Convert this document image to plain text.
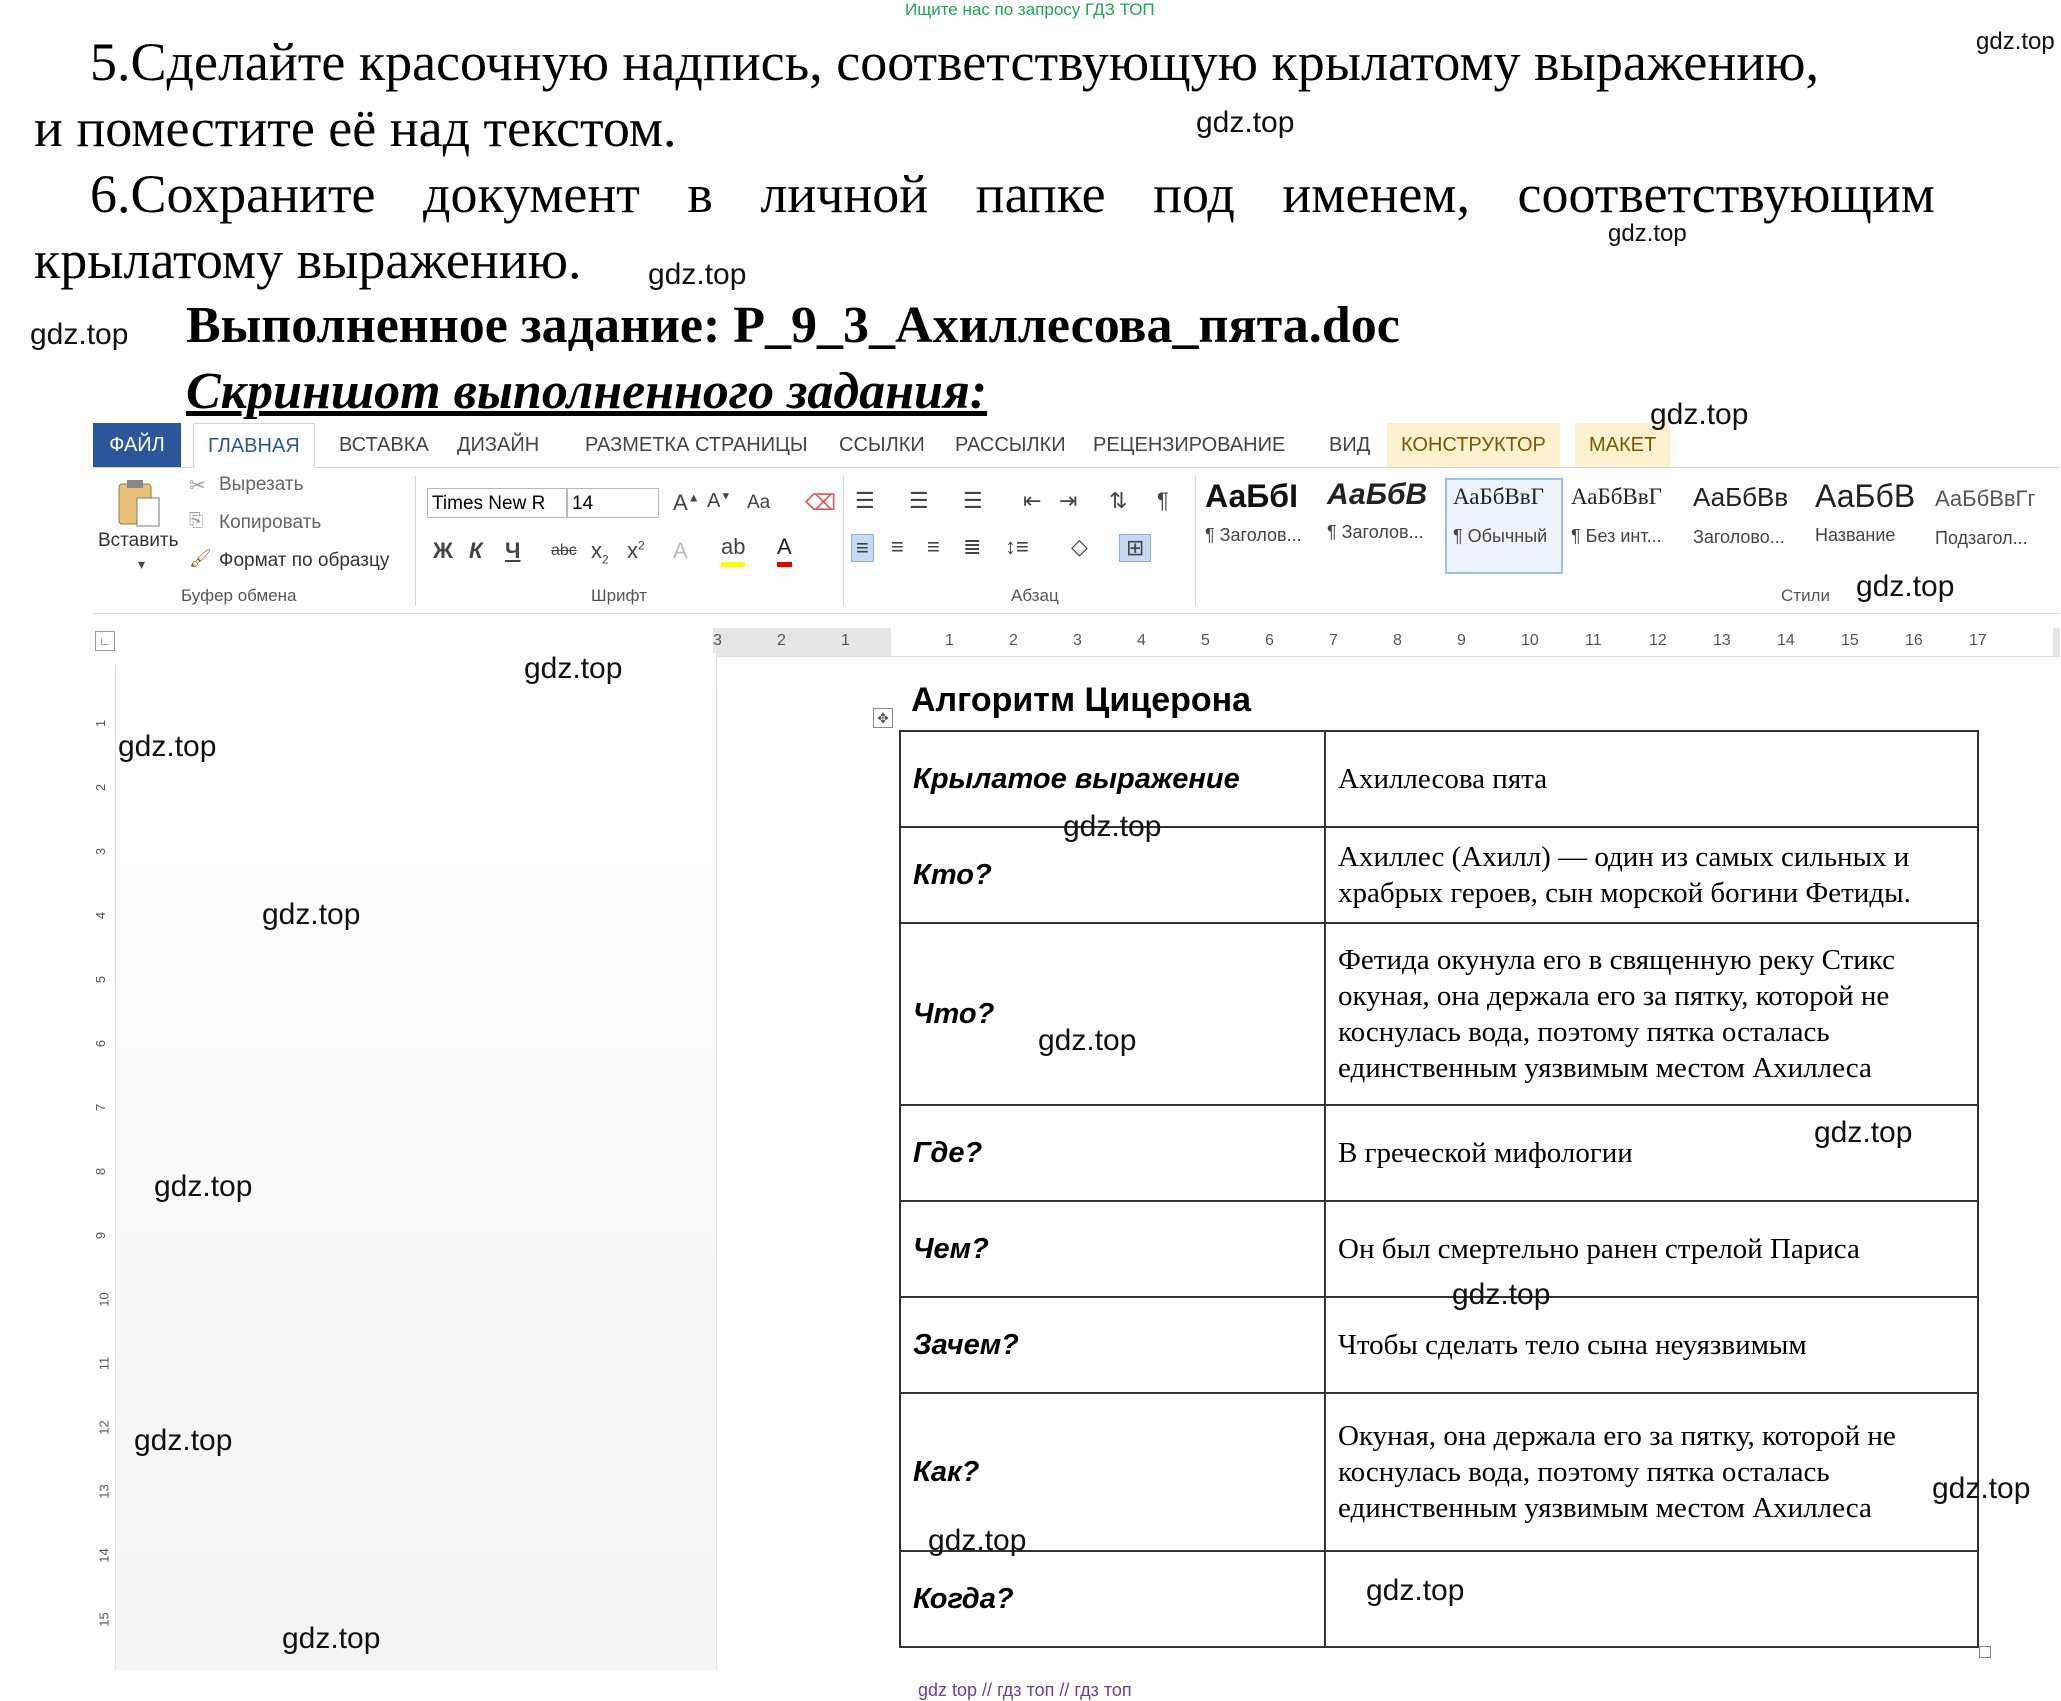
Ищите нас по запросу ГДЗ ТОП
5.Сделайте красочную надпись, соответствующую крылатому выражению,
и поместите её над текстом.
6.Сохраните документ в личной папке под именем, соответствующим
крылатому выражению.
Выполненное задание: P_9_3_Ахиллесова_пята.doc
Скриншот выполненного задания:
ФАЙЛ	ГЛАВНАЯ	ВСТАВКА	ДИЗАЙН	РАЗМЕТКА СТРАНИЦЫ	ССЫЛКИ	РАССЫЛКИ	РЕЦЕНЗИРОВАНИЕ	ВИД	КОНСТРУКТОР	МАКЕТ
Вставить
▾
✂ Вырезать
⎘ Копировать
🖌 Формат по образцу
Буфер обмена
Times New R	14	A▲ A▼ Aa ⌫
Ж К Ч abc $x_2$ $x^2$ A ab A
Шрифт
☰ ☰ ☰ ⇤ ⇥ ⇅ ¶
≡ ≡ ≡ ≣ ↕≡ ◇	⊞
Абзац
АаБбІ
¶ Заголов...
АаБбВ
¶ Заголов...
АаБбВвГ
¶ Обычный
АаБбВвГ
¶ Без инт...
АаБбВв
Заголово...
АаБбВ
Название
АаБбВвГг
Подзагол...
Стили
∟	3	2	1	1	2	3	4	5	6	7	8	9	10	11	12	13	14	15	16	17
1
2
3
4
5
6
7
8
9
10
11
12
13
14
15
✥ Алгоритм Цицерона
Крылатое выражение	Ахиллесова пята
Кто?	Ахиллес (Ахилл) — один из самых сильных и храбрых героев, сын морской богини Фетиды.
Что?	Фетида окунула его в священную реку Стикс окуная, она держала его за пятку, которой не коснулась вода, поэтому пятка осталась единственным уязвимым местом Ахиллеса
Где?	В греческой мифологии
Чем?	Он был смертельно ранен стрелой Париса
Зачем?	Чтобы сделать тело сына неуязвимым
Как?	Окуная, она держала его за пятку, которой не коснулась вода, поэтому пятка осталась единственным уязвимым местом Ахиллеса
Когда?	
gdz.top
gdz.top
gdz.top
gdz.top
gdz.top
gdz.top
gdz.top
gdz.top
gdz.top
gdz.top
gdz.top
gdz.top
gdz.top
gdz.top
gdz.top
gdz.top
gdz.top
gdz.top
gdz.top
gdz.top
gdz top // гдз топ // гдз топ
